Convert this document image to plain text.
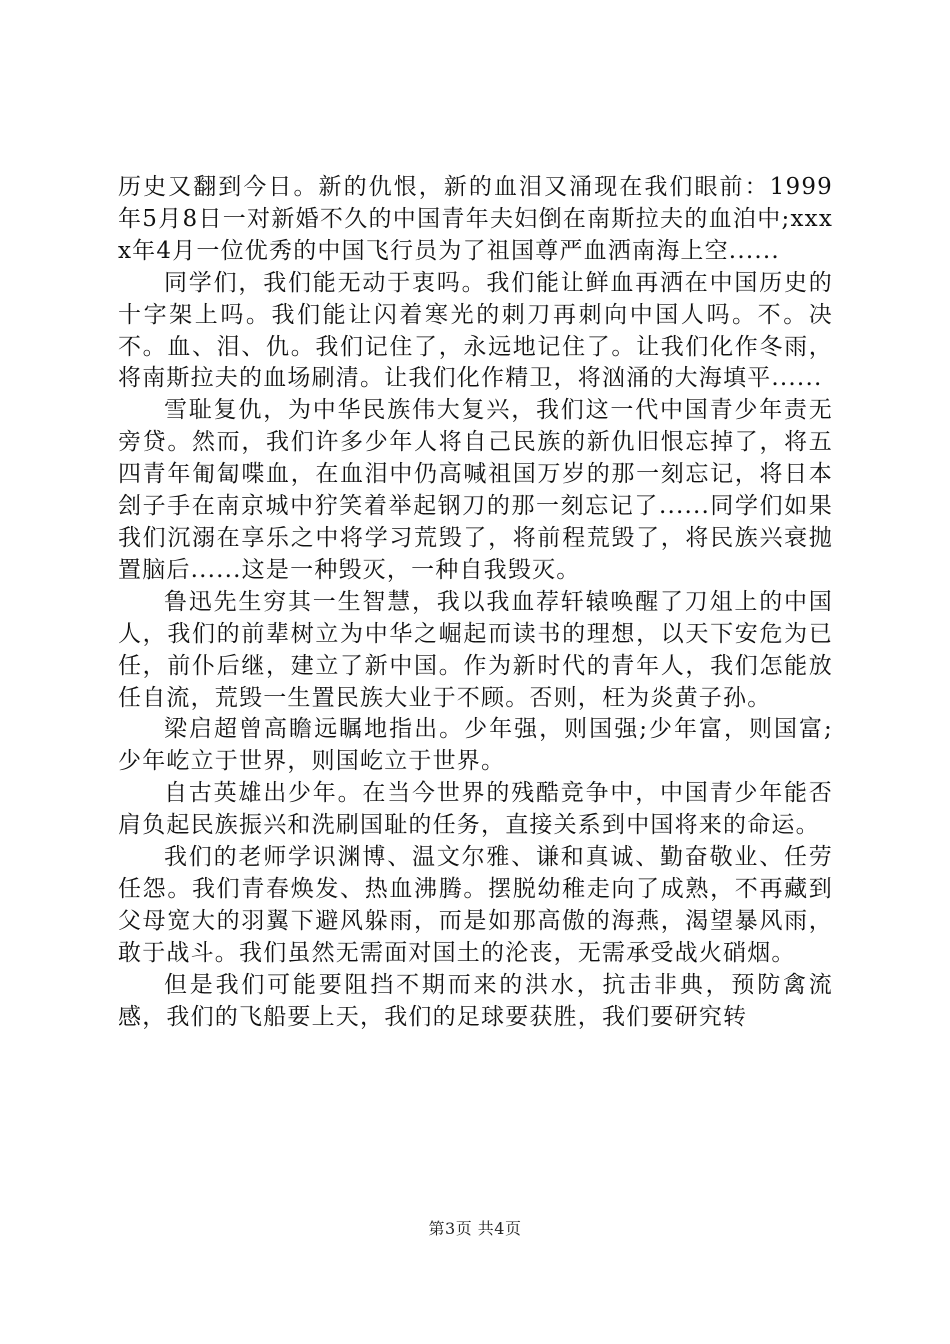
历史又翻到今日。新的仇恨，新的血泪又涌现在我们眼前：1999年5月8日一对新婚不久的中国青年夫妇倒在南斯拉夫的血泊中;xxxx年4月一位优秀的中国飞行员为了祖国尊严血洒南海上空......

同学们，我们能无动于衷吗。我们能让鲜血再洒在中国历史的十字架上吗。我们能让闪着寒光的刺刀再刺向中国人吗。不。决不。血、泪、仇。我们记住了，永远地记住了。让我们化作冬雨，将南斯拉夫的血场刷清。让我们化作精卫，将汹涌的大海填平......

雪耻复仇，为中华民族伟大复兴，我们这一代中国青少年责无旁贷。然而，我们许多少年人将自己民族的新仇旧恨忘掉了，将五四青年匍匐喋血，在血泪中仍高喊祖国万岁的那一刻忘记，将日本刽子手在南京城中狞笑着举起钢刀的那一刻忘记了......同学们如果我们沉溺在享乐之中将学习荒毁了，将前程荒毁了，将民族兴衰抛置脑后......这是一种毁灭，一种自我毁灭。

鲁迅先生穷其一生智慧，我以我血荐轩辕唤醒了刀俎上的中国人，我们的前辈树立为中华之崛起而读书的理想，以天下安危为已任，前仆后继，建立了新中国。作为新时代的青年人，我们怎能放任自流，荒毁一生置民族大业于不顾。否则，枉为炎黄子孙。

梁启超曾高瞻远瞩地指出。少年强，则国强;少年富，则国富;少年屹立于世界，则国屹立于世界。

自古英雄出少年。在当今世界的残酷竞争中，中国青少年能否肩负起民族振兴和洗刷国耻的任务，直接关系到中国将来的命运。

我们的老师学识渊博、温文尔雅、谦和真诚、勤奋敬业、任劳任怨。我们青春焕发、热血沸腾。摆脱幼稚走向了成熟，不再藏到父母宽大的羽翼下避风躲雨，而是如那高傲的海燕，渴望暴风雨，敢于战斗。我们虽然无需面对国土的沦丧，无需承受战火硝烟。

但是我们可能要阻挡不期而来的洪水，抗击非典，预防禽流感，我们的飞船要上天，我们的足球要获胜，我们要研究转

第3页 共4页
